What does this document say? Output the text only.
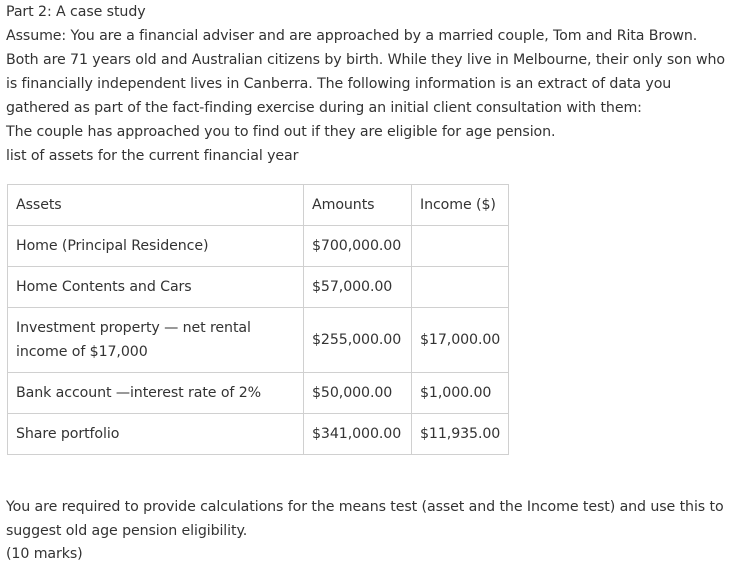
Part 2: A case study
Assume: You are a financial adviser and are approached by a married couple, Tom and Rita Brown.
Both are 71 years old and Australian citizens by birth. While they live in Melbourne, their only son who
is financially independent lives in Canberra. The following information is an extract of data you
gathered as part of the fact-finding exercise during an initial client consultation with them:
The couple has approached you to find out if they are eligible for age pension.
list of assets for the current financial year
Assets	Amounts	Income ($)
Home (Principal Residence)	$700,000.00	
Home Contents and Cars	$57,000.00	

Investment property — net rental
income of $17,000	$255,000.00	$17,000.00
Bank account —interest rate of 2%	$50,000.00	$1,000.00
Share portfolio	$341,000.00	$11,935.00
You are required to provide calculations for the means test (asset and the Income test) and use this to
suggest old age pension eligibility.
(10 marks)
